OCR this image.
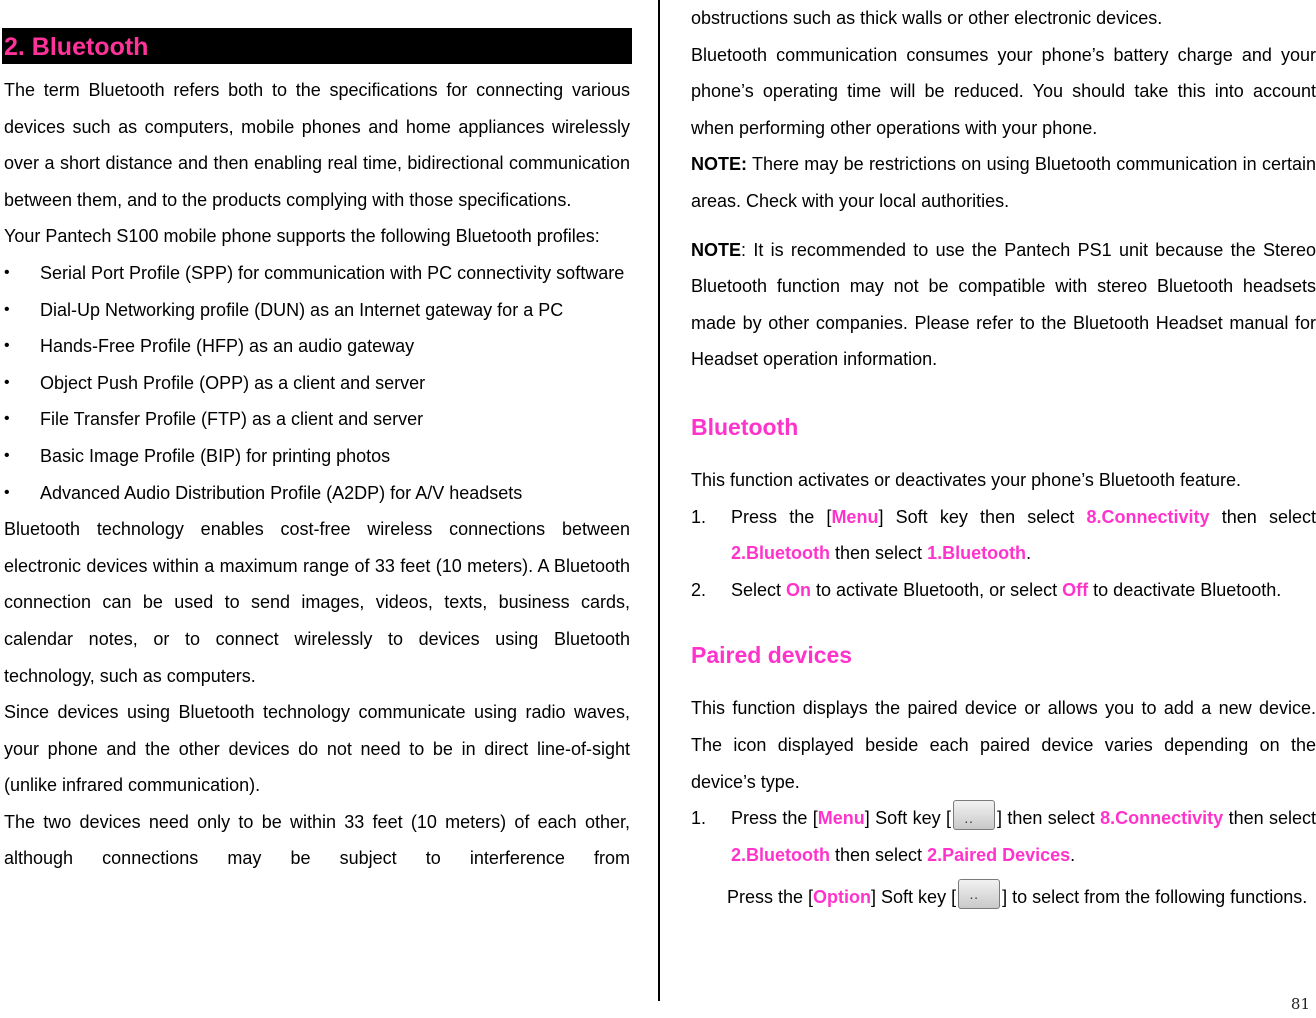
2. Bluetooth

The term Bluetooth refers both to the specifications for connecting various devices such as computers, mobile phones and home appliances wirelessly over a short distance and then enabling real time, bidirectional communication between them, and to the products complying with those specifications.

Your Pantech S100 mobile phone supports the following Bluetooth profiles:

• Serial Port Profile (SPP) for communication with PC connectivity software
• Dial-Up Networking profile (DUN) as an Internet gateway for a PC
• Hands-Free Profile (HFP) as an audio gateway
• Object Push Profile (OPP) as a client and server
• File Transfer Profile (FTP) as a client and server
• Basic Image Profile (BIP) for printing photos
• Advanced Audio Distribution Profile (A2DP) for A/V headsets

Bluetooth technology enables cost-free wireless connections between electronic devices within a maximum range of 33 feet (10 meters). A Bluetooth connection can be used to send images, videos, texts, business cards, calendar notes, or to connect wirelessly to devices using Bluetooth technology, such as computers.

Since devices using Bluetooth technology communicate using radio waves, your phone and the other devices do not need to be in direct line-of-sight (unlike infrared communication).

The two devices need only to be within 33 feet (10 meters) of each other, although connections may be subject to interference from

obstructions such as thick walls or other electronic devices.

Bluetooth communication consumes your phone’s battery charge and your phone’s operating time will be reduced. You should take this into account when performing other operations with your phone.

NOTE: There may be restrictions on using Bluetooth communication in certain areas. Check with your local authorities.

NOTE: It is recommended to use the Pantech PS1 unit because the Stereo Bluetooth function may not be compatible with stereo Bluetooth headsets made by other companies. Please refer to the Bluetooth Headset manual for Headset operation information.

Bluetooth

This function activates or deactivates your phone’s Bluetooth feature.

1. Press the [Menu] Soft key then select 8.Connectivity then select 2.Bluetooth then select 1.Bluetooth.
2. Select On to activate Bluetooth, or select Off to deactivate Bluetooth.
Paired devices

This function displays the paired device or allows you to add a new device. The icon displayed beside each paired device varies depending on the device’s type.

1. Press the [Menu] Soft key [ ··	] then select 8.Connectivity then select 2.Bluetooth then select 2.Paired Devices.

Press the [Option] Soft key [ ··	] to select from the following functions.

81
